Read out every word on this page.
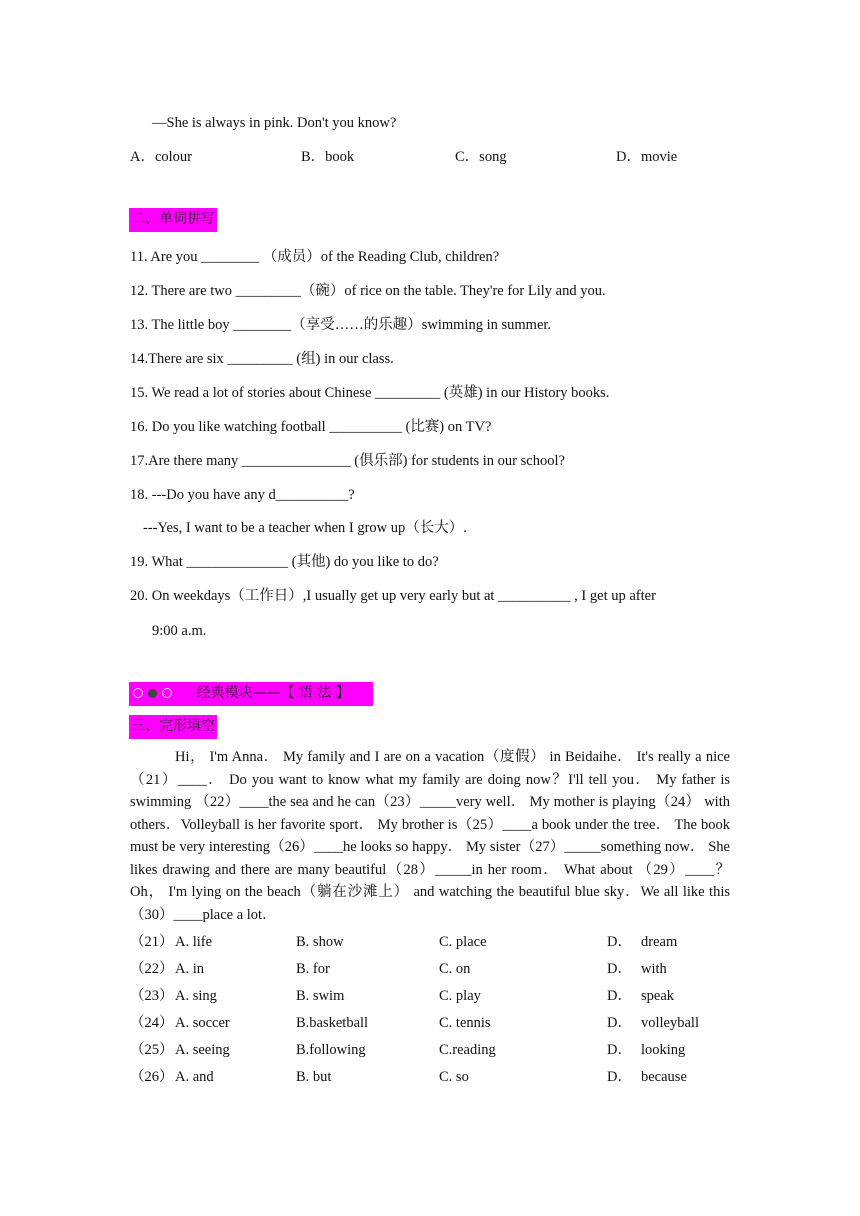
—She is always in pink. Don't you know?
A．colour	B．book	C．song	D．movie
二、单词拼写
11. Are you ________ （成员）of the Reading Club, children?
12. There are two _________（碗）of rice on the table. They're for Lily and you.
13. The little boy ________（享受……的乐趣）swimming in summer.
14.There are six _________ (组) in our class.
15. We read a lot of stories about Chinese _________ (英雄) in our History books.
16. Do you like watching football __________ (比赛) on TV?
17.Are there many _______________ (俱乐部) for students in our school?
18. ---Do you have any d__________?
---Yes, I want to be a teacher when I grow up（长大）.
19. What ______________ (其他) do you like to do?
20. On weekdays（工作日）,I usually get up very early but at __________ , I get up after
9:00 a.m.
经典模块——【 语 法 】
三、完形填空
Hi， I'm Anna． My family and I are on a vacation（度假） in Beidaihe． It's really a nice （21）____． Do you want to know what my family are doing now？I'll tell you． My father is swimming （22）____the sea and he can（23）_____very well． My mother is playing（24） with others．Volleyball is her favorite sport． My brother is（25）____a book under the tree． The book must be very interesting（26）____he looks so happy． My sister（27）_____something now． She likes drawing and there are many beautiful（28）_____in her room． What about （29）____？ Oh， I'm lying on the beach（躺在沙滩上） and watching the beautiful blue sky．We all like this（30）____place a lot．
（21） A. life	B. show	C. place	D． dream
（22） A. in	B. for	C. on	D． with
（23） A. sing	B. swim	C. play	D． speak
（24） A. soccer	B.basketball	C. tennis	D． volleyball
（25） A. seeing	B.following	C.reading	D． looking
（26） A. and	B. but	C. so	D． because
